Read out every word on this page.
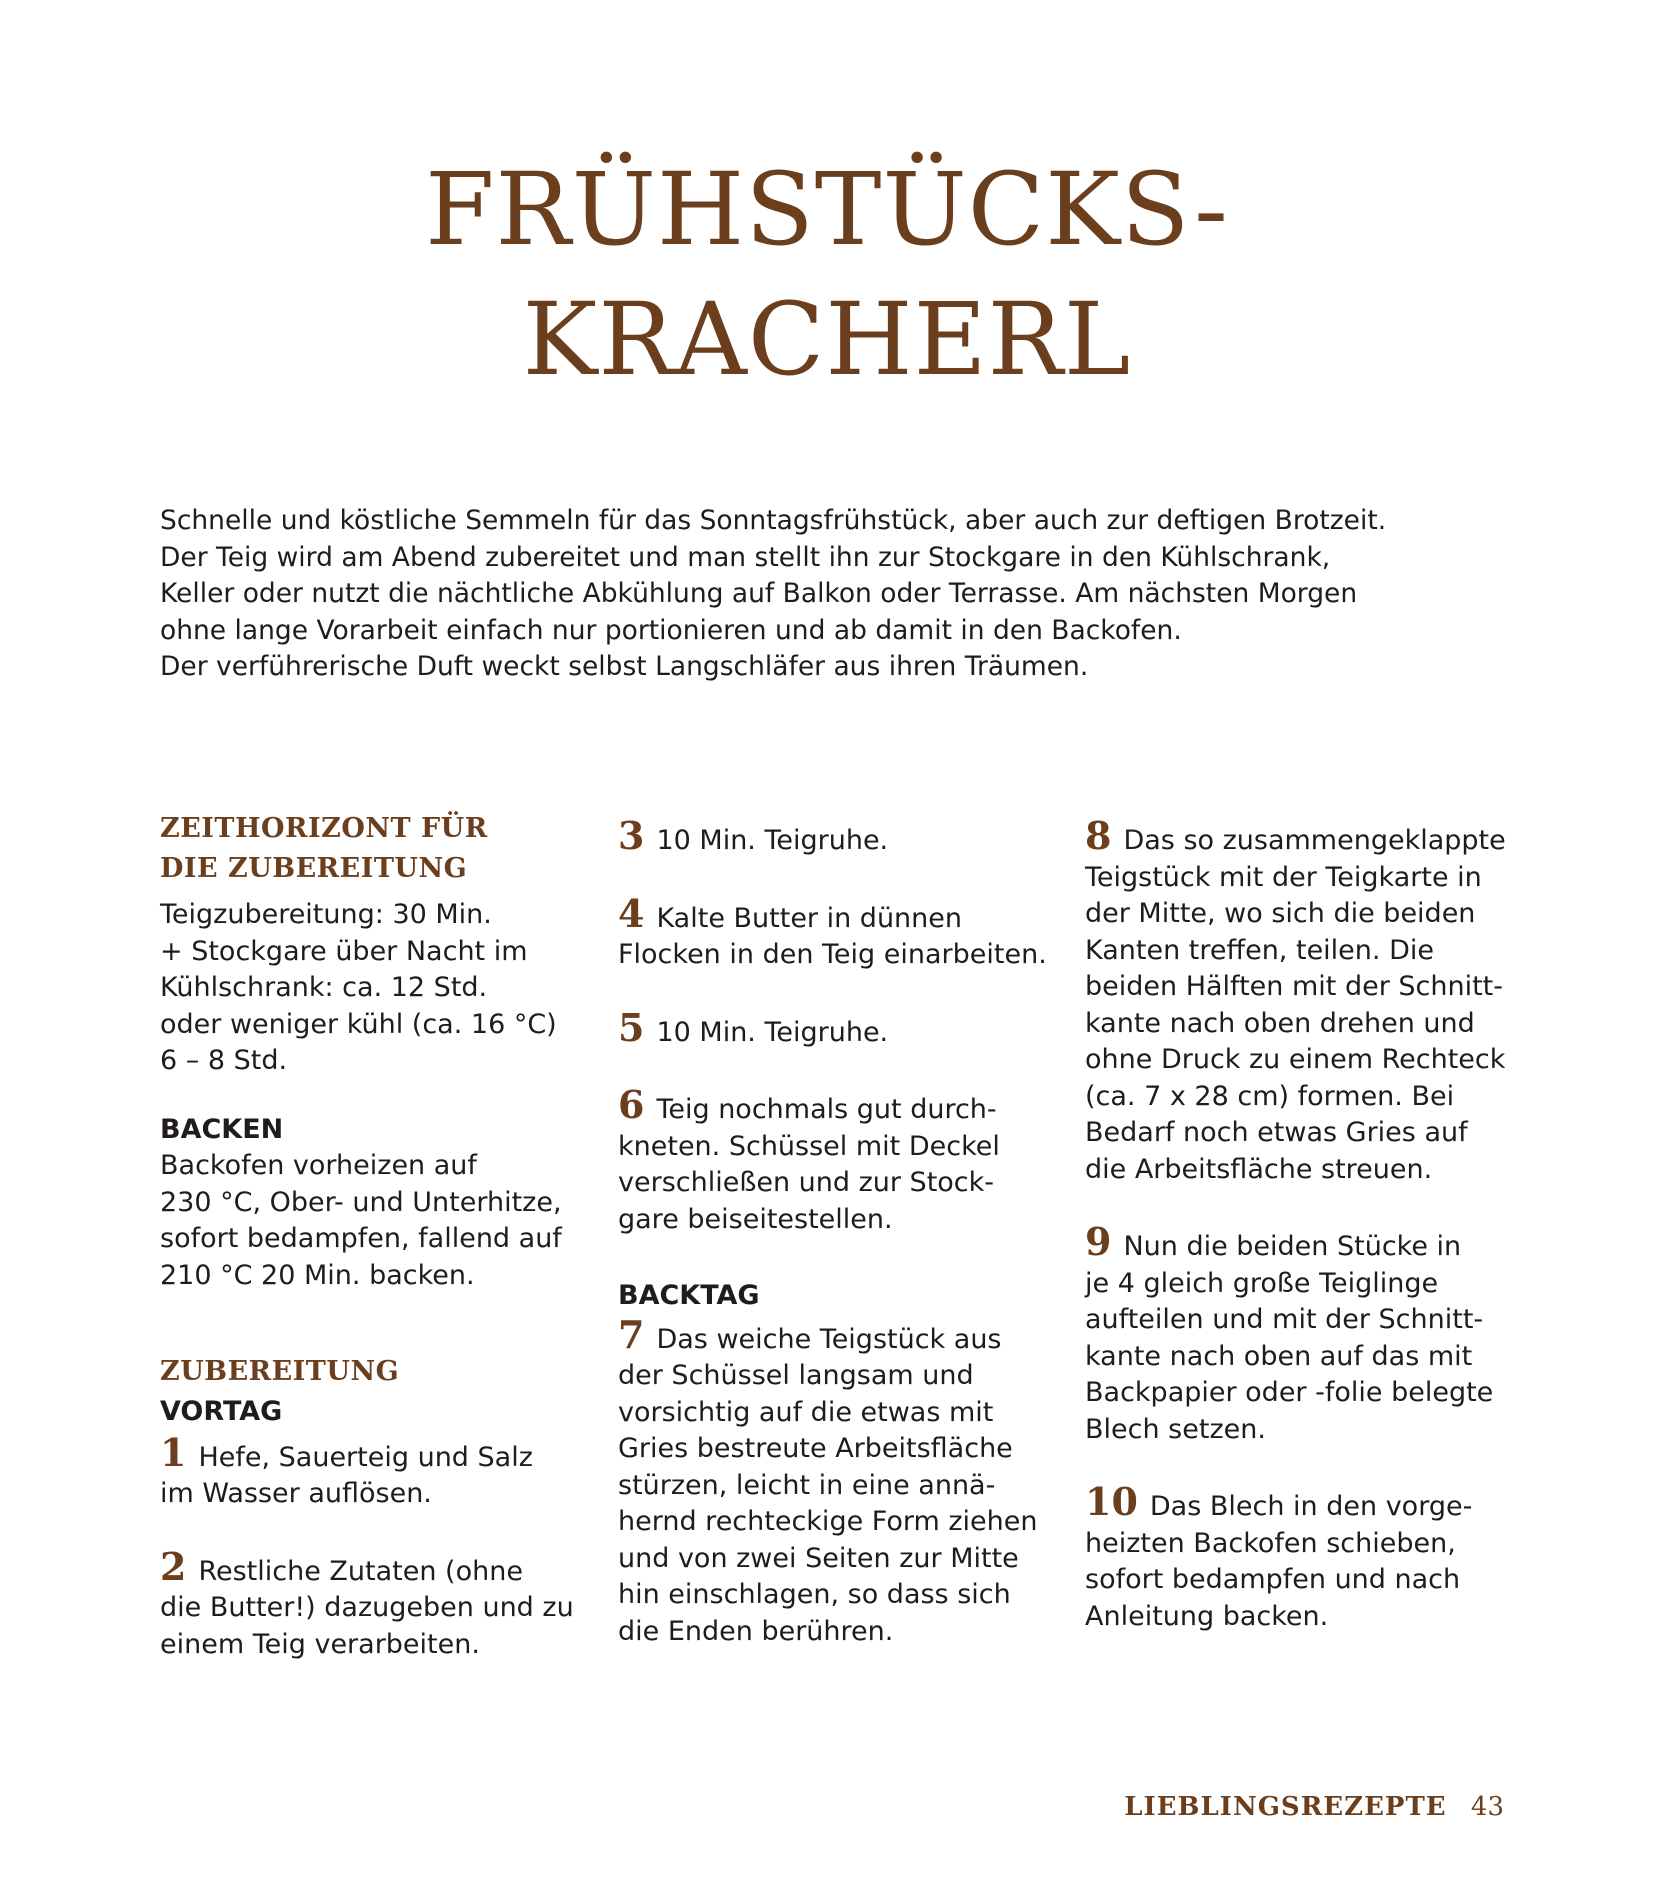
FRÜHSTÜCKS-
KRACHERL

Schnelle und köstliche Semmeln für das Sonntagsfrühstück, aber auch zur deftigen Brotzeit.
Der Teig wird am Abend zubereitet und man stellt ihn zur Stockgare in den Kühlschrank,
Keller oder nutzt die nächtliche Abkühlung auf Balkon oder Terrasse. Am nächsten Morgen
ohne lange Vorarbeit einfach nur portionieren und ab damit in den Backofen.
Der verführerische Duft weckt selbst Langschläfer aus ihren Träumen.

ZEITHORIZONT FÜR
DIE ZUBEREITUNG
Teigzubereitung: 30 Min.
+ Stockgare über Nacht im
Kühlschrank: ca. 12 Std.
oder weniger kühl (ca. 16 °C)
6 – 8 Std.
BACKEN
Backofen vorheizen auf
230 °C, Ober- und Unterhitze,
sofort bedampfen, fallend auf
210 °C 20 Min. backen.
ZUBEREITUNG
VORTAG
1 Hefe, Sauerteig und Salz
im Wasser auflösen.
2 Restliche Zutaten (ohne
die Butter!) dazugeben und zu
einem Teig verarbeiten.
3 10 Min. Teigruhe.
4 Kalte Butter in dünnen
Flocken in den Teig einarbeiten.
5 10 Min. Teigruhe.
6 Teig nochmals gut durch-
kneten. Schüssel mit Deckel
verschließen und zur Stock-
gare beiseitestellen.
BACKTAG
7 Das weiche Teigstück aus
der Schüssel langsam und
vorsichtig auf die etwas mit
Gries bestreute Arbeitsfläche
stürzen, leicht in eine annä-
hernd rechteckige Form ziehen
und von zwei Seiten zur Mitte
hin einschlagen, so dass sich
die Enden berühren.
8 Das so zusammengeklappte
Teigstück mit der Teigkarte in
der Mitte, wo sich die beiden
Kanten treffen, teilen. Die
beiden Hälften mit der Schnitt-
kante nach oben drehen und
ohne Druck zu einem Rechteck
(ca. 7 x 28 cm) formen. Bei
Bedarf noch etwas Gries auf
die Arbeitsfläche streuen.
9 Nun die beiden Stücke in
je 4 gleich große Teiglinge
aufteilen und mit der Schnitt-
kante nach oben auf das mit
Backpapier oder -folie belegte
Blech setzen.
10 Das Blech in den vorge-
heizten Backofen schieben,
sofort bedampfen und nach
Anleitung backen.
LIEBLINGSREZEPTE 43
